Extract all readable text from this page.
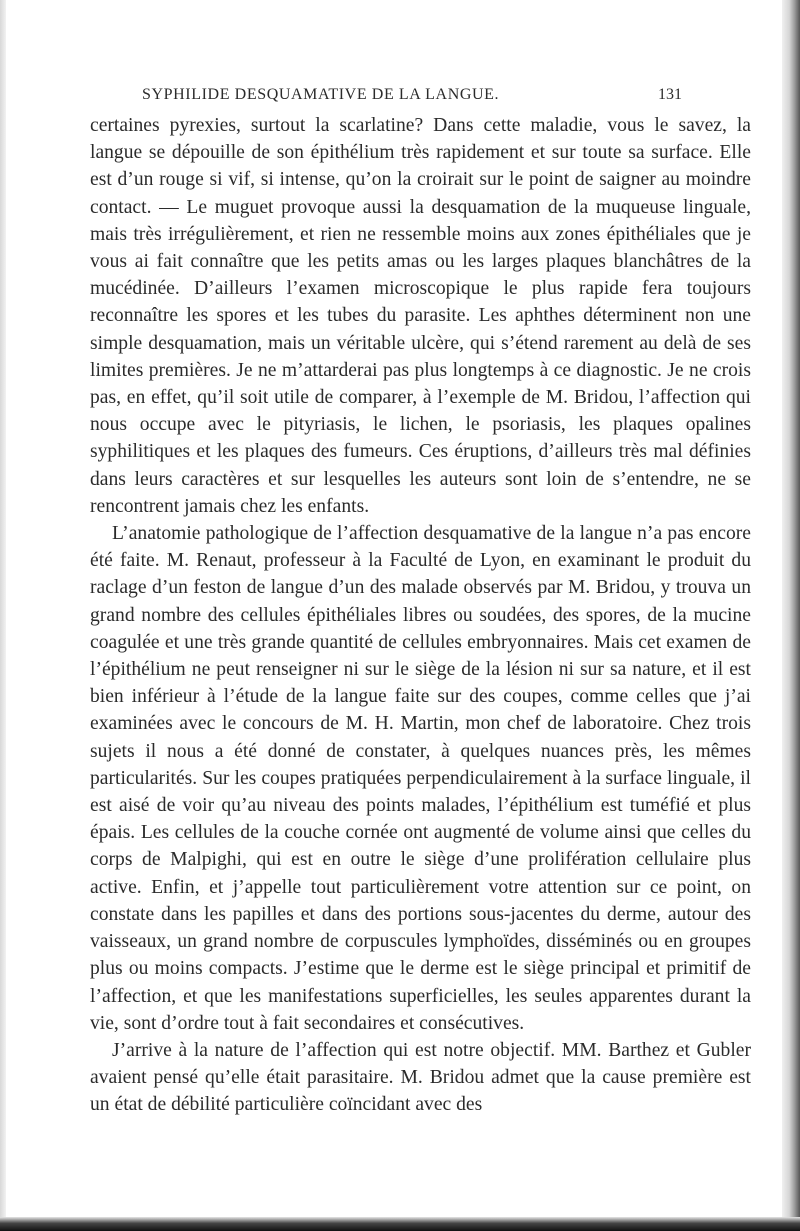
SYPHILIDE DESQUAMATIVE DE LA LANGUE.	131

certaines pyrexies, surtout la scarlatine? Dans cette maladie, vous le savez, la langue se dépouille de son épithélium très rapidement et sur toute sa surface. Elle est d’un rouge si vif, si intense, qu’on la croirait sur le point de saigner au moindre contact. — Le muguet provoque aussi la desquamation de la muqueuse linguale, mais très irrégulièrement, et rien ne ressemble moins aux zones épithéliales que je vous ai fait connaître que les petits amas ou les larges plaques blanchâtres de la mucédinée. D’ailleurs l’examen microscopique le plus rapide fera toujours reconnaître les spores et les tubes du parasite. Les aphthes déterminent non une simple desquamation, mais un véritable ulcère, qui s’étend rarement au delà de ses limites premières. Je ne m’attarderai pas plus longtemps à ce diagnostic. Je ne crois pas, en effet, qu’il soit utile de comparer, à l’exemple de M. Bridou, l’affection qui nous occupe avec le pityriasis, le lichen, le psoriasis, les plaques opalines syphilitiques et les plaques des fumeurs. Ces éruptions, d’ailleurs très mal définies dans leurs caractères et sur lesquelles les auteurs sont loin de s’entendre, ne se rencontrent jamais chez les enfants.

L’anatomie pathologique de l’affection desquamative de la langue n’a pas encore été faite. M. Renaut, professeur à la Faculté de Lyon, en examinant le produit du raclage d’un feston de langue d’un des malade observés par M. Bridou, y trouva un grand nombre des cellules épithéliales libres ou soudées, des spores, de la mucine coagulée et une très grande quantité de cellules embryonnaires. Mais cet examen de l’épithélium ne peut renseigner ni sur le siège de la lésion ni sur sa nature, et il est bien inférieur à l’étude de la langue faite sur des coupes, comme celles que j’ai examinées avec le concours de M. H. Martin, mon chef de laboratoire. Chez trois sujets il nous a été donné de constater, à quelques nuances près, les mêmes particularités. Sur les coupes pratiquées perpendiculairement à la surface linguale, il est aisé de voir qu’au niveau des points malades, l’épithélium est tuméfié et plus épais. Les cellules de la couche cornée ont augmenté de volume ainsi que celles du corps de Malpighi, qui est en outre le siège d’une prolifération cellulaire plus active. Enfin, et j’appelle tout particulièrement votre attention sur ce point, on constate dans les papilles et dans des portions sous-jacentes du derme, autour des vaisseaux, un grand nombre de corpuscules lymphoïdes, disséminés ou en groupes plus ou moins compacts. J’estime que le derme est le siège principal et primitif de l’affection, et que les manifestations superficielles, les seules apparentes durant la vie, sont d’ordre tout à fait secondaires et consécutives.

J’arrive à la nature de l’affection qui est notre objectif. MM. Barthez et Gubler avaient pensé qu’elle était parasitaire. M. Bridou admet que la cause première est un état de débilité particulière coïncidant avec des
